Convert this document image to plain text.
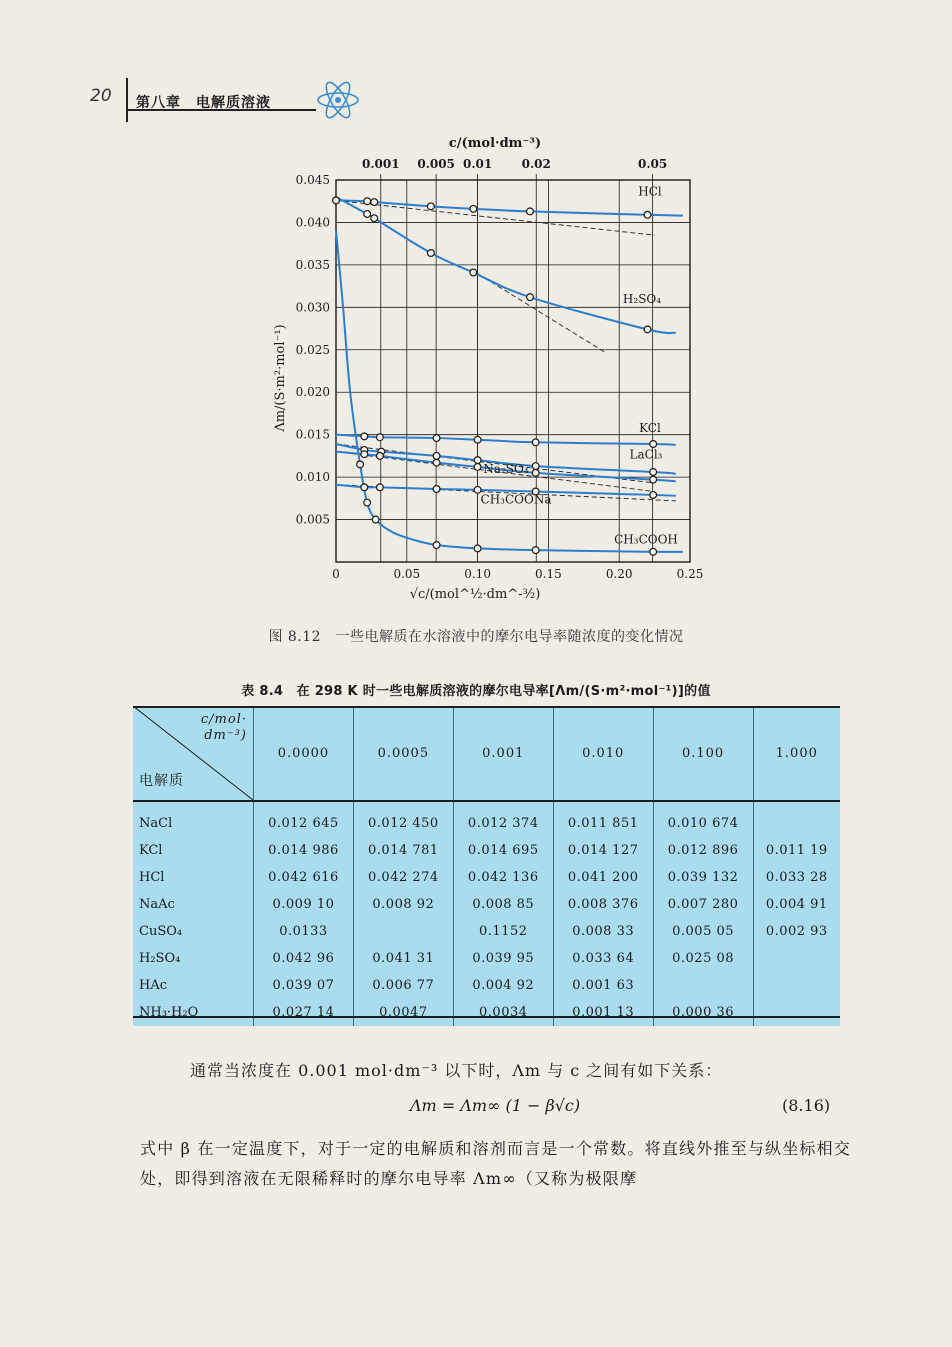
20 第八章　电解质溶液
HCl
H₂SO₄
KCl
LaCl₃
Na₂SO₄
CH₃COONa
CH₃COOH
0.005
0.010
0.015
0.020
0.025
0.030
0.035
0.040
0.045
0	0.05	0.10	0.15	0.20	0.25
0.001 0.005 0.01 0.02	0.05
Λm/(S·m²·mol⁻¹)
√c/(mol^½·dm^-³⁄₂)
c/(mol·dm⁻³)
图 8.12　一些电解质在水溶液中的摩尔电导率随浓度的变化情况
表 8.4　在 298 K 时一些电解质溶液的摩尔电导率[Λm/(S·m²·mol⁻¹)]的值
c/mol·
dm⁻³)
电解质	0.0000	0.0005	0.001	0.010	0.100	1.000
NaCl	0.012 645	0.012 450	0.012 374	0.011 851	0.010 674	
KCl	0.014 986	0.014 781	0.014 695	0.014 127	0.012 896	0.011 19
HCl	0.042 616	0.042 274	0.042 136	0.041 200	0.039 132	0.033 28
NaAc	0.009 10	0.008 92	0.008 85	0.008 376	0.007 280	0.004 91
CuSO₄	0.0133		0.1152	0.008 33	0.005 05	0.002 93
H₂SO₄	0.042 96	0.041 31	0.039 95	0.033 64	0.025 08	
HAc	0.039 07	0.006 77	0.004 92	0.001 63		
NH₃·H₂O	0.027 14	0.0047	0.0034	0.001 13	0.000 36	
通常当浓度在 0.001 mol·dm⁻³ 以下时，Λm 与 c 之间有如下关系：
Λm = Λm∞ (1 − β√c)	(8.16)
式中 β 在一定温度下，对于一定的电解质和溶剂而言是一个常数。将直线外推至与纵坐标相交处，即得到溶液在无限稀释时的摩尔电导率 Λm∞（又称为极限摩
